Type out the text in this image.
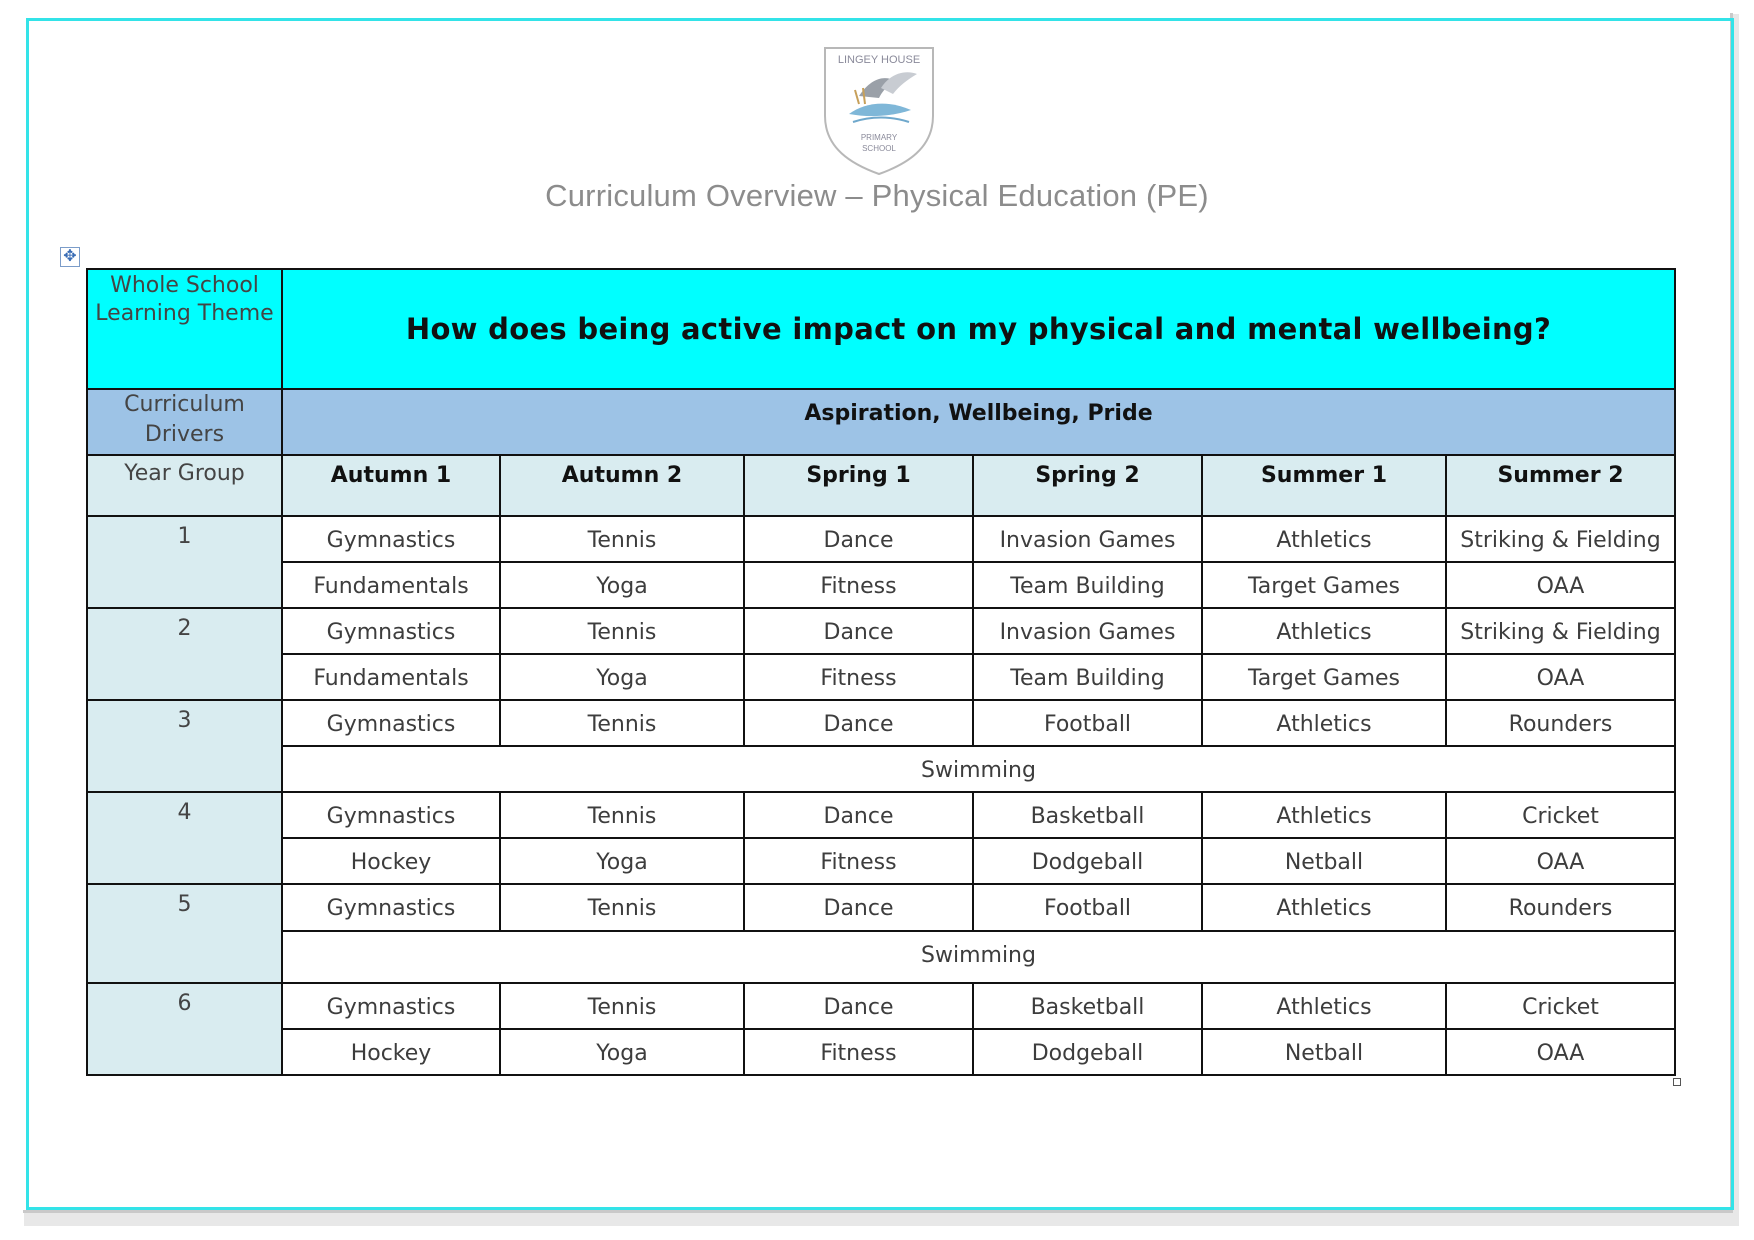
LINGEY HOUSE
PRIMARY
SCHOOL
Curriculum Overview – Physical Education (PE)
✥
Whole School Learning Theme	How does being active impact on my physical and mental wellbeing?					
Curriculum Drivers	Aspiration, Wellbeing, Pride					
Year Group	Autumn 1	Autumn 2	Spring 1	Spring 2	Summer 1	Summer 2
1	Gymnastics	Tennis	Dance	Invasion Games	Athletics	Striking & Fielding
	Fundamentals	Yoga	Fitness	Team Building	Target Games	OAA
2	Gymnastics	Tennis	Dance	Invasion Games	Athletics	Striking & Fielding
	Fundamentals	Yoga	Fitness	Team Building	Target Games	OAA
3	Gymnastics	Tennis	Dance	Football	Athletics	Rounders
	Swimming					
4	Gymnastics	Tennis	Dance	Basketball	Athletics	Cricket
	Hockey	Yoga	Fitness	Dodgeball	Netball	OAA
5	Gymnastics	Tennis	Dance	Football	Athletics	Rounders
	Swimming					
6	Gymnastics	Tennis	Dance	Basketball	Athletics	Cricket
	Hockey	Yoga	Fitness	Dodgeball	Netball	OAA
